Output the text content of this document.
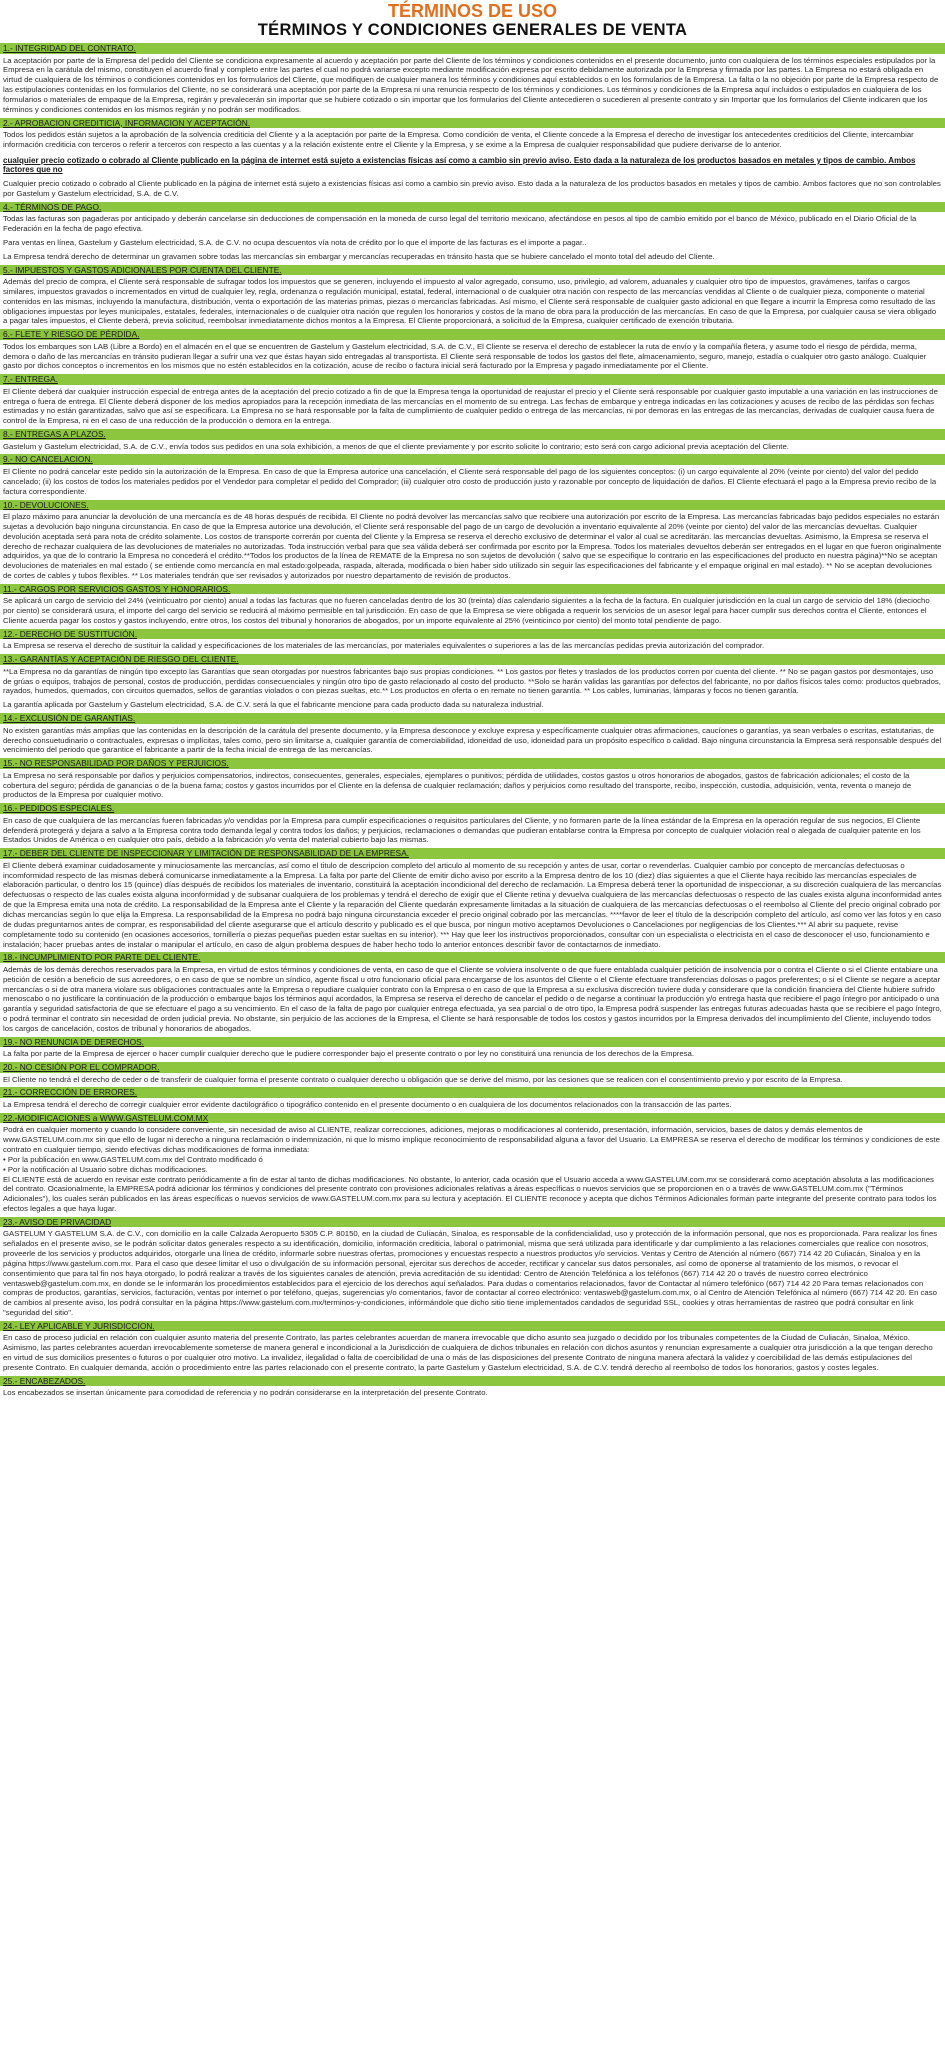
TÉRMINOS DE USO
TÉRMINOS Y CONDICIONES GENERALES DE VENTA
1.- INTEGRIDAD DEL CONTRATO.

La aceptación por parte de la Empresa del pedido del Cliente se condiciona expresamente al acuerdo y aceptación por parte del Cliente de los términos y condiciones contenidos en el presente documento, junto con cualquiera de los términos especiales estipulados por la Empresa en la carátula del mismo, constituyen el acuerdo final y completo entre las partes el cual no podrá variarse excepto mediante modificación expresa por escrito debidamente autorizada por la Empresa y firmada por las partes. La Empresa no estará obligada en virtud de cualquiera de los términos o condiciones contenidos en los formularios del Cliente, que modifiquen de cualquier manera los términos y condiciones aquí establecidos o en los formularios de la Empresa. La falta o la no objeción por parte de la Empresa respecto de las estipulaciones contenidas en los formularios del Cliente, no se considerará una aceptación por parte de la Empresa ni una renuncia respecto de los términos y condiciones. Los términos y condiciones de la Empresa aquí incluidos o estipulados en cualquiera de los formularios o materiales de empaque de la Empresa, regirán y prevalecerán sin importar que se hubiere cotizado o sin importar que los formularios del Cliente antecedieren o sucedieren al presente contrato y sin Importar que los formularios del Cliente indicaren que los términos y condiciones contenidos en los mismos regirán y no podrán ser modificados.

2.- APROBACION CREDITICIA, INFORMACION Y ACEPTACIÓN.

Todos los pedidos están sujetos a la aprobación de la solvencia crediticia del Cliente y a la aceptación por parte de la Empresa. Como condición de venta, el Cliente concede a la Empresa el derecho de investigar los antecedentes crediticios del Cliente, intercambiar información crediticia con terceros o referir a terceros con respecto a las cuentas y a la relación existente entre el Cliente y la Empresa, y se exime a la Empresa de cualquier responsabilidad que pudiere derivarse de lo anterior.

cualquier precio cotizado o cobrado al Cliente publicado en la página de internet está sujeto a existencias físicas así como a cambio sin previo aviso. Esto dada a la naturaleza de los productos basados en metales y tipos de cambio. Ambos factores que no

Cualquier precio cotizado o cobrado al Cliente publicado en la página de internet está sujeto a existencias físicas así como a cambio sin previo aviso. Esto dada a la naturaleza de los productos basados en metales y tipos de cambio. Ambos factores que no son controlables por Gastelum y Gastelum electricidad, S.A. de C.V.

4.- TÉRMINOS DE PAGO.

Todas las facturas son pagaderas por anticipado y deberán cancelarse sin deducciones de compensación en la moneda de curso legal del territorio mexicano, afectándose en pesos al tipo de cambio emitido por el banco de México, publicado en el Diario Oficial de la Federación en la fecha de pago efectiva.

Para ventas en línea, Gastelum y Gastelum electricidad, S.A. de C.V. no ocupa descuentos vía nota de crédito por lo que el importe de las facturas es el importe a pagar..

La Empresa tendrá derecho de determinar un gravamen sobre todas las mercancías sin embargar y mercancías recuperadas en tránsito hasta que se hubiere cancelado el monto total del adeudo del Cliente.

5.- IMPUESTOS Y GASTOS ADICIONALES POR CUENTA DEL CLIENTE.

Además del precio de compra, el Cliente será responsable de sufragar todos los impuestos que se generen, incluyendo el impuesto al valor agregado, consumo, uso, privilegio, ad valorem, aduanales y cualquier otro tipo de impuestos, gravámenes, tarifas o cargos similares, impuestos gravados o incrementados en virtud de cualquier ley, regla, ordenanza o regulación municipal, estatal, federal, internacional o de cualquier otra nación con respecto de las mercancías vendidas al Cliente o de cualquier pieza, componente o material contenidos en las mismas, incluyendo la manufactura, distribución, venta o exportación de las materias primas, piezas o mercancías fabricadas. Así mismo, el Cliente será responsable de cualquier gasto adicional en que llegare a incurrir la Empresa como resultado de las obligaciones impuestas por leyes municipales, estatales, federales, internacionales o de cualquier otra nación que regulen los honorarios y costos de la mano de obra para la producción de las mercancías. En caso de que la Empresa, por cualquier causa se viera obligado a pagar tales impuestos, el Cliente deberá, previa solicitud, reembolsar inmediatamente dichos montos a la Empresa. El Cliente proporcionará, a solicitud de la Empresa, cualquier certificado de exención tributaria.

6.- FLETE Y RIESGO DE PÉRDIDA.

Todos los embarques son LAB (Libre a Bordo) en el almacén en el que se encuentren de Gastelum y Gastelum electricidad, S.A. de C.V., El Cliente se reserva el derecho de establecer la ruta de envío y la compañía fletera, y asume todo el riesgo de pérdida, merma, demora o daño de las mercancías en tránsito pudieran llegar a sufrir una vez que éstas hayan sido entregadas al transportista. El Cliente será responsable de todos los gastos del flete, almacenamiento, seguro, manejo, estadía o cualquier otro gasto análogo. Cualquier gasto por dichos conceptos o incrementos en los mismos que no estén establecidos en la cotización, acuse de recibo o factura inicial será facturado por la Empresa y pagado inmediatamente por el Cliente.

7.- ENTREGA.

El Cliente deberá dar cualquier instrucción especial de entrega antes de la aceptación del precio cotizado a fin de que la Empresa tenga la oportunidad de reajustar el precio y el Cliente será responsable por cualquier gasto imputable a una variación en las instrucciones de entrega o fuera de entrega. El Cliente deberá disponer de los medios apropiados para la recepción inmediata de las mercancías en el momento de su entrega. Las fechas de embarque y entrega indicadas en las cotizaciones y acuses de recibo de las pérdidas son fechas estimadas y no están garantizadas, salvo que así se especificara. La Empresa no se hará responsable por la falta de cumplimiento de cualquier pedido o entrega de las mercancías, ni por demoras en las entregas de las mercancías, derivadas de cualquier causa fuera de control de la Empresa, ni en el caso de una reducción de la producción o demora en la entrega.

8.- ENTREGAS A PLAZOS.

Gastelum y Gastelum electricidad, S.A. de C.V., envía todos sus pedidos en una sola exhibición, a menos de que el cliente previamente y por escrito solicite lo contrario; esto será con cargo adicional previa aceptación del Cliente.

9.- NO CANCELACION.

El Cliente no podrá cancelar este pedido sin la autorización de la Empresa. En caso de que la Empresa autorice una cancelación, el Cliente será responsable del pago de los siguientes conceptos: (i) un cargo equivalente al 20% (veinte por ciento) del valor del pedido cancelado; (ii) los costos de todos los materiales pedidos por el Vendedor para completar el pedido del Comprador; (iii) cualquier otro costo de producción justo y razonable por concepto de liquidación de daños. El Cliente efectuará el pago a la Empresa previo recibo de la factura correspondiente.

10.- DEVOLUCIONES.

El plazo máximo para anunciar la devolución de una mercancía es de 48 horas después de recibida. El Cliente no podrá devolver las mercancías salvo que recibiere una autorización por escrito de la Empresa. Las mercancías fabricadas bajo pedidos especiales no estarán sujetas a devolución bajo ninguna circunstancia. En caso de que la Empresa autorice una devolución, el Cliente será responsable del pago de un cargo de devolución a inventario equivalente al 20% (veinte por ciento) del valor de las mercancías devueltas. Cualquier devolución aceptada será para nota de crédito solamente. Los costos de transporte correrán por cuenta del Cliente y la Empresa se reserva el derecho exclusivo de determinar el valor al cual se acreditarán. las mercancías devueltas. Asimismo, la Empresa se reserva el derecho de rechazar cualquiera de las devoluciones de materiales no autorizadas. Toda instrucción verbal para que sea válida deberá ser confirmada por escrito por la Empresa. Todos los materiales devueltos deberán ser entregados en el lugar en que fueron originalmente adquiridos, ya que de lo contrario la Empresa no concederá el crédito.**Todos los productos de la línea de REMATE de la Empresa no son sujetos de devolución ( salvo que se especifique lo contrario en las especificaciones del producto en nuestra página)**No se aceptan devoluciones de materiales en mal estado ( se entiende como mercancía en mal estado:golpeada, raspada, alterada, modificada o bien haber sido utilizado sin seguir las especificaciones del fabricante y el empaque original en mal estado). ** No se aceptan devoluciones de cortes de cables y tubos flexibles. ** Los materiales tendrán que ser revisados y autorizados por nuestro departamento de revisión de productos.

11.- CARGOS POR SERVICIOS GASTOS Y HONORARIOS.

Se aplicará un cargo de servicio del 24% (veinticuatro por ciento) anual a todas las facturas que no fueren canceladas dentro de los 30 (treinta) días calendario siguientes a la fecha de la factura. En cualquier jurisdicción en la cual un cargo de servicio del 18% (dieciocho por ciento) se considerará usura, el importe del cargo del servicio se reducirá al máximo permisible en tal jurisdicción. En caso de que la Empresa se viere obligada a requerir los servicios de un asesor legal para hacer cumplir sus derechos contra el Cliente, entonces el Cliente acuerda pagar los costos y gastos incluyendo, entre otros, los costos del tribunal y honorarios de abogados, por un importe equivalente al 25% (veinticinco por ciento) del monto total pendiente de pago.

12.- DERECHO DE SUSTITUCIÓN.

La Empresa se reserva el derecho de sustituir la calidad y especificaciones de los materiales de las mercancías, por materiales equivalentes o superiores a las de las mercancías pedidas previa autorización del comprador.

13.- GARANTÍAS Y ACEPTACIÓN DE RIESGO DEL CLIENTE.

**La Empresa no da garantías de ningún tipo excepto las Garantías que sean otorgadas por nuestros fabricantes bajo sus propias condiciones. ** Los gastos por fletes y traslados de los productos corren por cuenta del cliente. ** No se pagan gastos por desmontajes, uso de grúas o equipos, trabajos de personal, costos de producción, perdidas consecuenciales y ningún otro tipo de gasto relacionado al costo del producto. **Solo se harán validas las garantías por defectos del fabricante, no por daños físicos tales como: productos quebrados, rayados, humedos, quemados, con circuitos quemados, sellos de garantías violados o con piezas sueltas, etc.** Los productos en oferta o en remate no tienen garantía. ** Los cables, luminarias, lámparas y focos no tienen garantía.

La garantía aplicada por Gastelum y Gastelum electricidad, S.A. de C.V. será la que el fabricante mencione para cada producto dada su naturaleza industrial.

14.- EXCLUSIÓN DE GARANTIAS.

No existen garantías más amplias que las contenidas en la descripción de la carátula del presente documento, y la Empresa desconoce y excluye expresa y específicamente cualquier otras afirmaciones, caucíones o garantías, ya sean verbales o escritas, estatutarias, de derecho consuetudinario o contractuales, expresas o implícitas, tales como, pero sin limitarse a, cualquier garantía de comerciabilidad, idoneidad de uso, idoneidad para un propósito específico o calidad. Bajo ninguna circunstancia la Empresa será responsable después del vencimiento del periodo que garantice el fabricante a partir de la fecha inicial de entrega de las mercancías.

15.- NO RESPONSABILIDAD POR DAÑOS Y PERJUICIOS.

La Empresa no será responsable por daños y perjuicios compensatorios, indirectos, consecuentes, generales, especiales, ejemplares o punitivos; pérdida de utilidades, costos gastos u otros honorarios de abogados, gastos de fabricación adicionales; el costo de la cobertura del seguro; pérdida de ganancias o de la buena fama; costos y gastos incurridos por el Cliente en la defensa de cualquier reclamación; daños y perjuicios como resultado del transporte, recibo, inspección, custodia, adquisición, venta, reventa o manejo de productos de la Empresa por cualquier motivo.

16.- PEDIDOS ESPECIALES.

En caso de que cualquiera de las mercancías fueren fabricadas y/o vendidas por la Empresa para cumplir especificaciones o requisitos particulares del Cliente, y no formaren parte de la línea estándar de la Empresa en la operación regular de sus negocios, El Cliente defenderá protegerá y dejara a salvo a la Empresa contra todo demanda legal y contra todos los daños; y perjuicios, reclamaciones o demandas que pudieran entablarse contra la Empresa por concepto de cualquier violación real o alegada de cualquier patente en los Estados Unidos de América o en cualquier otro país, debido a la fabricación y/o venta del material cubierto bajo las mismas.

17.- DEBER DEL CLIENTE DE INSPECCIONAR Y LIMITACIÓN DE RESPONSABILIDAD DE LA EMPRESA.

El Cliente deberá examinar cuidadosamente y minuciosamente las mercancías, así como el titulo de descripcion completo del articulo al momento de su recepción y antes de usar, cortar o revenderlas. Cualquier cambio por concepto de mercancías defectuosas o incomformidad respecto de las mismas deberá comunicarse inmediatamente a la Empresa. La falta por parte del Cliente de emitir dicho aviso por escrito a la Empresa dentro de los 10 (diez) días siguientes a que el Cliente haya recibido las mercancías especiales de elaboración particular, o dentro los 15 (quince) días después de recibidos los materiales de inventario, constituirá la aceptación incondicional del derecho de reclamación. La Empresa deberá tener la oportunidad de inspeccionar, a su discreción cualquiera de las mercancías defectuosas o respecto de las cuales exista alguna inconformidad y de subsanar cualquiera de los problemas y tendrá el derecho de exigir que el Cliente retina y devuelva cualquiera de las mercancías defectuosas o respecto de las cuales exista alguna inconformidad antes de que la Empresa emita una nota de crédito. La responsabilidad de la Empresa ante el Cliente y la reparación del Cliente quedarán expresamente limitadas a la situación de cualquiera de las mercancías defectuosas o el reembolso al Cliente del precio original cobrado por dichas mercancías según lo que elija la Empresa. La responsabilidad de la Empresa no podrá bajo ninguna circunstancia exceder el precio original cobrado por las mercancías. ****favor de leer el título de la descripción completo del artículo, así como ver las fotos y en caso de dudas preguntarnos antes de comprar, es responsabilidad del cliente asegurarse que el artículo descrito y publicado es el que busca, por ningun motivo aceptamos Devoluciones o Cancelaciones por negligencias de los Clientes.*** Al abrir su paquete, revise completamente todo su contenido (en ocasiones accesorios, tornillería o piezas pequeñas pueden estar sueltas en su interior). *** Hay que leer los instructivos proporcionados, consultar con un especialista o electricista en el caso de desconocer el uso, funcionamiento e instalación; hacer pruebas antes de instalar o manipular el artículo, en caso de algun problema despues de haber hecho todo lo anterior entonces describir favor de contactarnos de inmediato.

18.- INCUMPLIMIENTO POR PARTE DEL CLIENTE.

Además de los demás derechos reservados para la Empresa, en virtud de estos términos y condiciones de venta, en caso de que el Cliente se volviera insolvente o de que fuere entablada cualquier petición de insolvencia por o contra el Cliente o si el Cliente entabiare una petición de cesión a beneficio de sus acreedores, o en caso de que se nombre un síndico, agente fiscal u otro funcionario oficial para encargarse de los asuntos del Cliente o el Cliente efectuare transferencias dolosas o pagos preferentes; o si el Cliente se negare a aceptar mercancías o si de otra manera violare sus obligaciones contractuales ante la Empresa o repudiare cualquier contrato con la Empresa o en caso de que la Empresa a su exclusiva discreción tuviere duda y considerare que la condición financiera del Cliente hubiere sufrido menoscabo o no justificare la continuación de la producción o embarque bajos los términos aquí acordados, la Empresa se reserva el derecho de cancelar el pedido o de negarse a continuar la producción y/o entrega hasta que recibiere el pago íntegro por anticipado o una garantía y seguridad satisfactoria de que se efectuare el pago a su vencimiento. En el caso de la falta de pago por cualquier entrega efectuada, ya sea parcial o de otro tipo, la Empresa podrá suspender las entregas futuras adecuadas hasta que se recibiere el pago íntegro, o podrá terminar el contrato sin necesidad de orden judicial previa. No obstante, sin perjuicio de las acciones de la Empresa, el Cliente se hará responsable de todos los costos y gastos incurridos por la Empresa derivados del incumplimiento del Cliente, incluyendo todos los cargos de cancelación, costos de tribunal y honorarios de abogados.

19.- NO RENUNCIA DE DERECHOS.

La falta por parte de la Empresa de ejercer o hacer cumplir cualquier derecho que le pudiere corresponder bajo el presente contrato o por ley no constituirá una renuncia de los derechos de la Empresa.

20.- NO CESIÓN POR EL COMPRADOR.

El Cliente no tendrá el derecho de ceder o de transferir de cualquier forma el presente contrato o cualquier derecho u obligación que se derive del mismo, por las cesiones que se realicen con el consentimiento previo y por escrito de la Empresa.

21.- CORRECCIÓN DE ERRORES.

La Empresa tendrá el derecho de corregir cualquier error evidente dactilográfico o tipográfico contenido en el presente documento o en cualquiera de los documentos relacionados con la transacción de las partes.

22.-MODIFICACIONES a WWW.GASTELUM.COM.MX

Podrá en cualquier momento y cuando lo considere conveniente, sin necesidad de aviso al CLIENTE, realizar correcciones, adiciones, mejoras o modificaciones al contenido, presentación, información, servicios, bases de datos y demás elementos de www.GASTELUM.com.mx sin que ello de lugar ni derecho a ninguna reclamación o indemnización, ni que lo mismo implique reconocimiento de responsabilidad alguna a favor del Usuario. La EMPRESA se reserva el derecho de modificar los términos y condiciones de este contrato en cualquier tiempo, siendo efectivas dichas modificaciones de forma inmediata:
• Por la publicación en www.GASTELUM.com.mx del Contrato modificado ó
• Por la notificación al Usuario sobre dichas modificaciones.
El CLIENTE está de acuerdo en revisar este contrato periódicamente a fin de estar al tanto de dichas modificaciones. No obstante, lo anterior, cada ocasión que el Usuario acceda a www.GASTELUM.com.mx se considerará como aceptación absoluta a las modificaciones del contrato. Ocasionalmente, la EMPRESA podrá adicionar los términos y condiciones del presente contrato con provisiones adicionales relativas a áreas específicas o nuevos servicios que se proporcionen en o a través de www.GASTELUM.com.mx ("Términos Adicionales"), los cuales serán publicados en las áreas específicas o nuevos servicios de www.GASTELUM.com.mx para su lectura y aceptación. El CLIENTE reconoce y acepta que dichos Términos Adicionales forman parte integrante del presente contrato para todos los efectos legales a que haya lugar.

23.- AVISO DE PRIVACIDAD

GASTELUM Y GASTELUM S.A. de C.V., con domicilio en la calle Calzada Aeropuerto 5305 C.P. 80150, en la ciudad de Culiacán, Sinaloa, es responsable de la confidencialidad, uso y protección de la información personal, que nos es proporcionada. Para realizar los fines señalados en el presente aviso, se le podrán solicitar datos generales respecto a su identificación, domicilio, información crediticia, laboral o patrimonial, misma que será utilizada para identificarle y dar cumplimiento a las relaciones comerciales que realice con nosotros, proveerle de los servicios y productos adquiridos, otorgarle una línea de crédito, informarle sobre nuestras ofertas, promociones y encuestas respecto a nuestros productos y/o servicios. Ventas y Centro de Atención al número (667) 714 42 20 Culiacán, Sinaloa y en la página https://www.gastelum.com.mx. Para el caso que desee limitar el uso o divulgación de su información personal, ejercitar sus derechos de acceder, rectificar y cancelar sus datos personales, así como de oponerse al tratamiento de los mismos, o revocar el consentimiento que para tal fin nos haya otorgado, lo podrá realizar a través de los siguientes canales de atención, previa acreditación de su identidad: Centro de Atención Telefónica a los teléfonos (667) 714 42 20 o través de nuestro correo electrónico ventasweb@gastelum.com.mx, en donde se le informarán los procedimientos establecidos para el ejercicio de los derechos aquí señalados. Para dudas o comentarios relacionados, favor de Contactar al número telefónico (667) 714 42 20 Para temas relacionados con compras de productos, garantías, servicios, facturación, ventas por internet o por teléfono, quejas, sugerencias y/o comentarios, favor de contactar al correo electrónico: ventasweb@gastelum.com.mx, o al Centro de Atención Telefónica al número (667) 714 42 20. En caso de cambios al presente aviso, los podrá consultar en la página https://www.gastelum.com.mx/terminos-y-condiciones, infórmándole que dicho sitio tiene implementados candados de seguridad SSL, cookies y otras herramientas de rastreo que podrá consultar en link "seguridad del sitio".

24.- LEY APLICABLE Y JURISDICCION.

En caso de proceso judicial en relación con cualquier asunto materia del presente Contrato, las partes celebrantes acuerdan de manera irrevocable que dicho asunto sea juzgado o decidido por los tribunales competentes de la Ciudad de Culiacán, Sinaloa, México. Asimismo, las partes celebrantes acuerdan irrevocablemente someterse de manera general e incondicional a la Jurisdicción de cualquiera de dichos tribunales en relación con dichos asuntos y renuncian expresamente a cualquier otra jurisdicción a la que tengan derecho en virtud de sus domicilios presentes o futuros o por cualquier otro motivo. La invalidez, ilegalidad o falta de coercibilidad de una o más de las disposiciones del presente Contrato de ninguna manera afectará la validez y coercibilidad de las demás estipulaciones del presente Contrato. En cualquier demanda, acción o procedimiento entre las partes relacionado con el presente contrato, la parte Gastelum y Gastelum electricidad, S.A. de C.V. tendrá derecho al reembolso de todos los honorarios, gastos y costes legales.

25.- ENCABEZADOS.

Los encabezados se insertan únicamente para comodidad de referencia y no podrán considerarse en la interpretación del presente Contrato.
